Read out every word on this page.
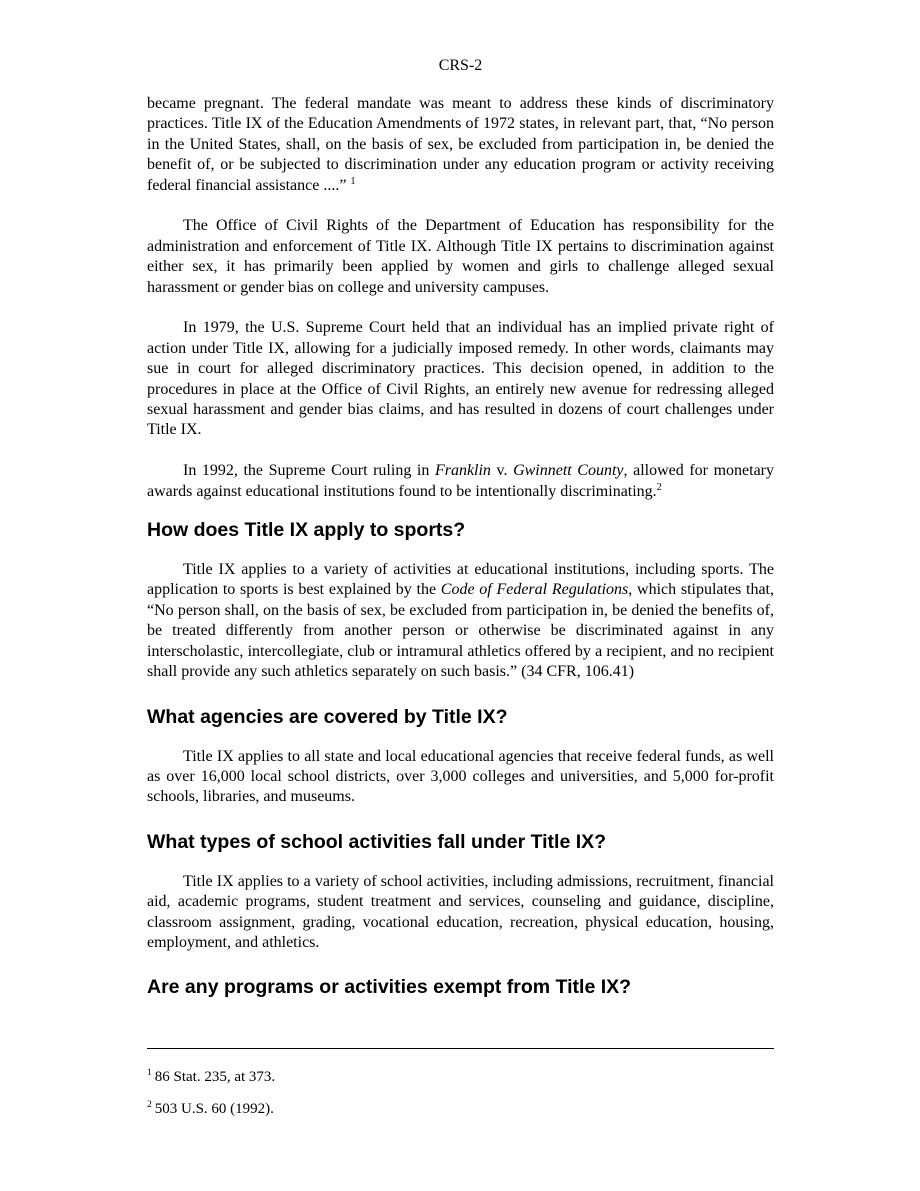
CRS-2

became pregnant. The federal mandate was meant to address these kinds of discriminatory practices. Title IX of the Education Amendments of 1972 states, in relevant part, that, “No person in the United States, shall, on the basis of sex, be excluded from participation in, be denied the benefit of, or be subjected to discrimination under any education program or activity receiving federal financial assistance ....” $^1$

The Office of Civil Rights of the Department of Education has responsibility for the administration and enforcement of Title IX. Although Title IX pertains to discrimination against either sex, it has primarily been applied by women and girls to challenge alleged sexual harassment or gender bias on college and university campuses.

In 1979, the U.S. Supreme Court held that an individual has an implied private right of action under Title IX, allowing for a judicially imposed remedy. In other words, claimants may sue in court for alleged discriminatory practices. This decision opened, in addition to the procedures in place at the Office of Civil Rights, an entirely new avenue for redressing alleged sexual harassment and gender bias claims, and has resulted in dozens of court challenges under Title IX.

In 1992, the Supreme Court ruling in Franklin v. Gwinnett County, allowed for monetary awards against educational institutions found to be intentionally discriminating.$^2$

How does Title IX apply to sports?

Title IX applies to a variety of activities at educational institutions, including sports. The application to sports is best explained by the Code of Federal Regulations, which stipulates that, “No person shall, on the basis of sex, be excluded from participation in, be denied the benefits of, be treated differently from another person or otherwise be discriminated against in any interscholastic, intercollegiate, club or intramural athletics offered by a recipient, and no recipient shall provide any such athletics separately on such basis.” (34 CFR, 106.41)

What agencies are covered by Title IX?

Title IX applies to all state and local educational agencies that receive federal funds, as well as over 16,000 local school districts, over 3,000 colleges and universities, and 5,000 for-profit schools, libraries, and museums.

What types of school activities fall under Title IX?

Title IX applies to a variety of school activities, including admissions, recruitment, financial aid, academic programs, student treatment and services, counseling and guidance, discipline, classroom assignment, grading, vocational education, recreation, physical education, housing, employment, and athletics.

Are any programs or activities exempt from Title IX?
$^1$ 86 Stat. 235, at 373.
$^2$ 503 U.S. 60 (1992).
